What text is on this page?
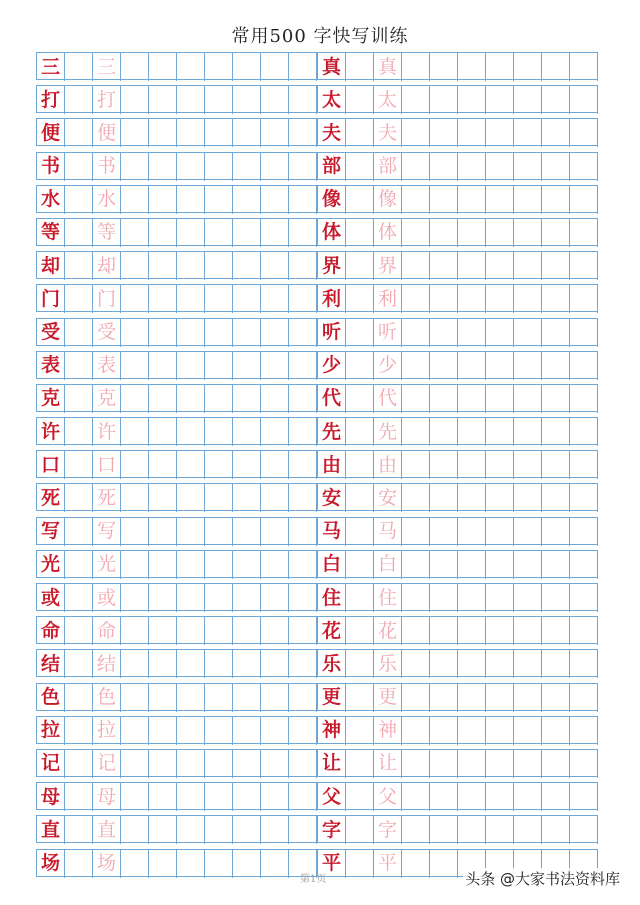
常用500 字快写训练
三 三	真 真
打 打	太 太
便 便	夫 夫
书 书	部 部
水 水	像 像
等 等	体 体
却 却	界 界
门 门	利 利
受 受	听 听
表 表	少 少
克 克	代 代
许 许	先 先
口 口	由 由
死 死	安 安
写 写	马 马
光 光	白 白
或 或	住 住
命 命	花 花
结 结	乐 乐
色 色	更 更
拉 拉	神 神
记 记	让 让
母 母	父 父
直 直	字 字
场 场	平 平
第1页	头条 @大家书法资料库
